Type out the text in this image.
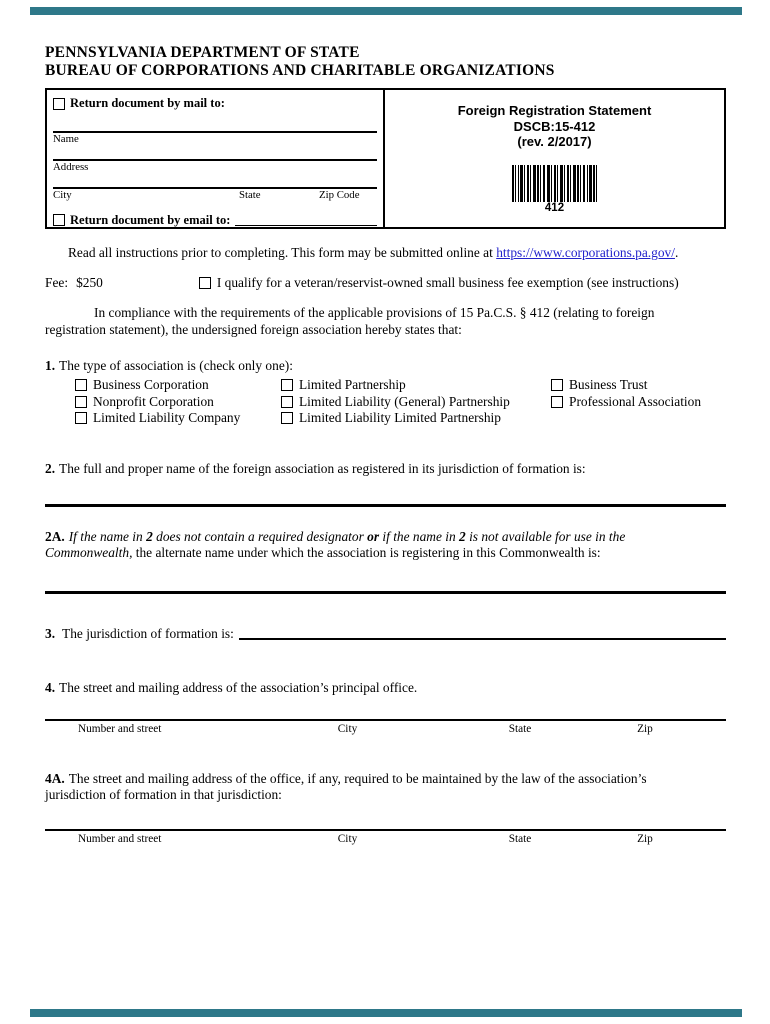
PENNSYLVANIA DEPARTMENT OF STATE
BUREAU OF CORPORATIONS AND CHARITABLE ORGANIZATIONS
Return document by mail to:
Name
Address
City	State	Zip Code
Return document by email to:
Foreign Registration Statement
DSCB:15-412
(rev. 2/2017)
412
Read all instructions prior to completing. This form may be submitted online at https://www.corporations.pa.gov/.
Fee: $250	I qualify for a veteran/reservist-owned small business fee exemption (see instructions)
In compliance with the requirements of the applicable provisions of 15 Pa.C.S. § 412 (relating to foreign
registration statement), the undersigned foreign association hereby states that:
1. The type of association is (check only one):
Business Corporation
Nonprofit Corporation
Limited Liability Company
Limited Partnership
Limited Liability (General) Partnership
Limited Liability Limited Partnership
Business Trust
Professional Association
2. The full and proper name of the foreign association as registered in its jurisdiction of formation is:
2A. If the name in 2 does not contain a required designator or if the name in 2 is not available for use in the
Commonwealth, the alternate name under which the association is registering in this Commonwealth is:
3. The jurisdiction of formation is:
4. The street and mailing address of the association’s principal office.
Number and street	City	State	Zip
4A. The street and mailing address of the office, if any, required to be maintained by the law of the association’s
jurisdiction of formation in that jurisdiction:
Number and street	City	State	Zip
